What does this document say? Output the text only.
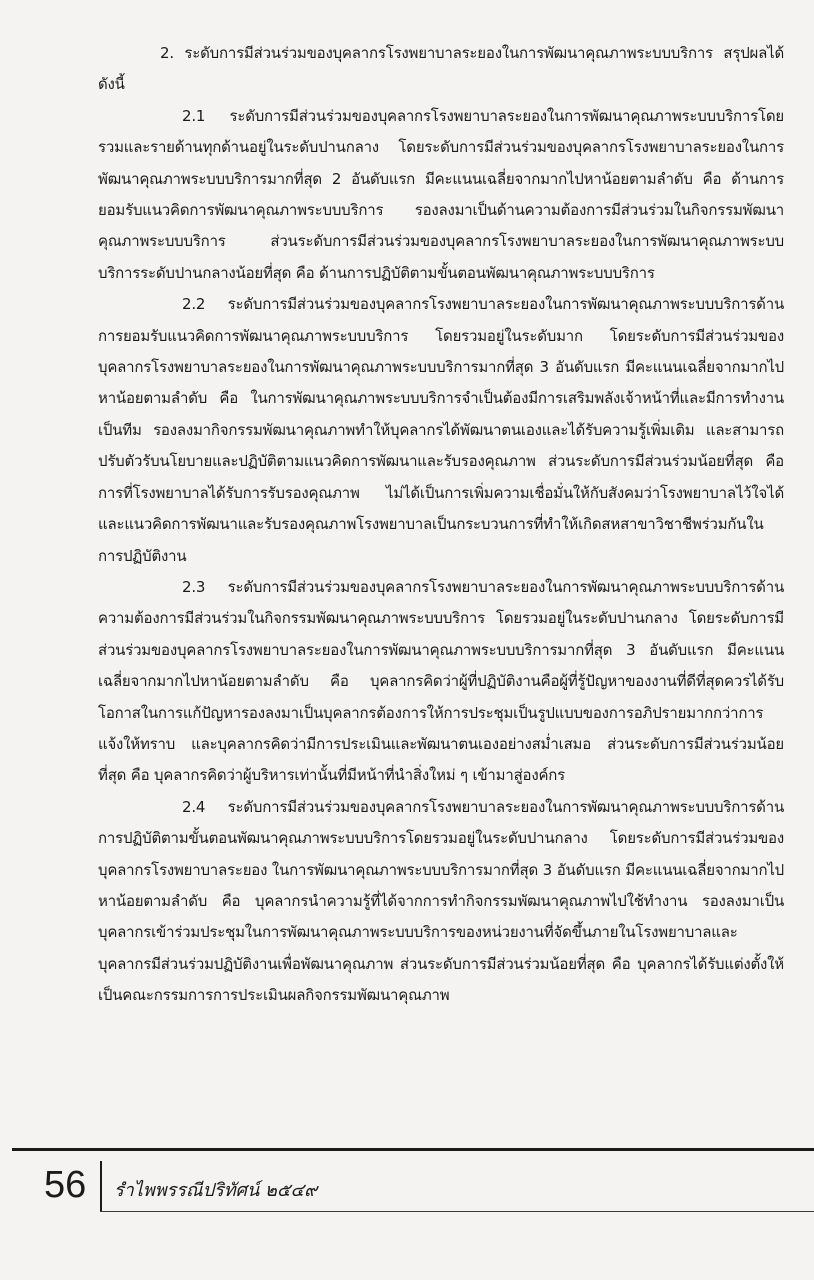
2. ระดับการมีส่วนร่วมของบุคลากรโรงพยาบาลระยองในการพัฒนาคุณภาพระบบบริการ สรุปผลได้ดังนี้

2.1 ระดับการมีส่วนร่วมของบุคลากรโรงพยาบาลระยองในการพัฒนาคุณภาพระบบบริการโดยรวมและรายด้านทุกด้านอยู่ในระดับปานกลาง โดยระดับการมีส่วนร่วมของบุคลากรโรงพยาบาลระยองในการพัฒนาคุณภาพระบบบริการมากที่สุด 2 อันดับแรก มีคะแนนเฉลี่ยจากมากไปหาน้อยตามลำดับ คือ ด้านการยอมรับแนวคิดการพัฒนาคุณภาพระบบบริการ รองลงมาเป็นด้านความต้องการมีส่วนร่วมในกิจกรรมพัฒนาคุณภาพระบบบริการ ส่วนระดับการมีส่วนร่วมของบุคลากรโรงพยาบาลระยองในการพัฒนาคุณภาพระบบบริการระดับปานกลางน้อยที่สุด คือ ด้านการปฏิบัติตามขั้นตอนพัฒนาคุณภาพระบบบริการ

2.2 ระดับการมีส่วนร่วมของบุคลากรโรงพยาบาลระยองในการพัฒนาคุณภาพระบบบริการด้านการยอมรับแนวคิดการพัฒนาคุณภาพระบบบริการ โดยรวมอยู่ในระดับมาก โดยระดับการมีส่วนร่วมของบุคลากรโรงพยาบาลระยองในการพัฒนาคุณภาพระบบบริการมากที่สุด 3 อันดับแรก มีคะแนนเฉลี่ยจากมากไปหาน้อยตามลำดับ คือ ในการพัฒนาคุณภาพระบบบริการจำเป็นต้องมีการเสริมพลังเจ้าหน้าที่และมีการทำงานเป็นทีม รองลงมากิจกรรมพัฒนาคุณภาพทำให้บุคลากรได้พัฒนาตนเองและได้รับความรู้เพิ่มเติม และสามารถปรับตัวรับนโยบายและปฏิบัติตามแนวคิดการพัฒนาและรับรองคุณภาพ ส่วนระดับการมีส่วนร่วมน้อยที่สุด คือ การที่โรงพยาบาลได้รับการรับรองคุณภาพ ไม่ได้เป็นการเพิ่มความเชื่อมั่นให้กับสังคมว่าโรงพยาบาลไว้ใจได้ และแนวคิดการพัฒนาและรับรองคุณภาพโรงพยาบาลเป็นกระบวนการที่ทำให้เกิดสหสาขาวิชาชีพร่วมกันในการปฏิบัติงาน

2.3 ระดับการมีส่วนร่วมของบุคลากรโรงพยาบาลระยองในการพัฒนาคุณภาพระบบบริการด้านความต้องการมีส่วนร่วมในกิจกรรมพัฒนาคุณภาพระบบบริการ โดยรวมอยู่ในระดับปานกลาง โดยระดับการมีส่วนร่วมของบุคลากรโรงพยาบาลระยองในการพัฒนาคุณภาพระบบบริการมากที่สุด 3 อันดับแรก มีคะแนนเฉลี่ยจากมากไปหาน้อยตามลำดับ คือ บุคลากรคิดว่าผู้ที่ปฏิบัติงานคือผู้ที่รู้ปัญหาของงานที่ดีที่สุดควรได้รับโอกาสในการแก้ปัญหารองลงมาเป็นบุคลากรต้องการให้การประชุมเป็นรูปแบบของการอภิปรายมากกว่าการแจ้งให้ทราบ และบุคลากรคิดว่ามีการประเมินและพัฒนาตนเองอย่างสม่ำเสมอ ส่วนระดับการมีส่วนร่วมน้อยที่สุด คือ บุคลากรคิดว่าผู้บริหารเท่านั้นที่มีหน้าที่นำสิ่งใหม่ ๆ เข้ามาสู่องค์กร

2.4 ระดับการมีส่วนร่วมของบุคลากรโรงพยาบาลระยองในการพัฒนาคุณภาพระบบบริการด้านการปฏิบัติตามขั้นตอนพัฒนาคุณภาพระบบบริการโดยรวมอยู่ในระดับปานกลาง โดยระดับการมีส่วนร่วมของบุคลากรโรงพยาบาลระยอง ในการพัฒนาคุณภาพระบบบริการมากที่สุด 3 อันดับแรก มีคะแนนเฉลี่ยจากมากไปหาน้อยตามลำดับ คือ บุคลากรนำความรู้ที่ได้จากการทำกิจกรรมพัฒนาคุณภาพไปใช้ทำงาน รองลงมาเป็นบุคลากรเข้าร่วมประชุมในการพัฒนาคุณภาพระบบบริการของหน่วยงานที่จัดขึ้นภายในโรงพยาบาลและบุคลากรมีส่วนร่วมปฏิบัติงานเพื่อพัฒนาคุณภาพ ส่วนระดับการมีส่วนร่วมน้อยที่สุด คือ บุคลากรได้รับแต่งตั้งให้เป็นคณะกรรมการการประเมินผลกิจกรรมพัฒนาคุณภาพ

56 รำไพพรรณีปริทัศน์ ๒๕๔๙
